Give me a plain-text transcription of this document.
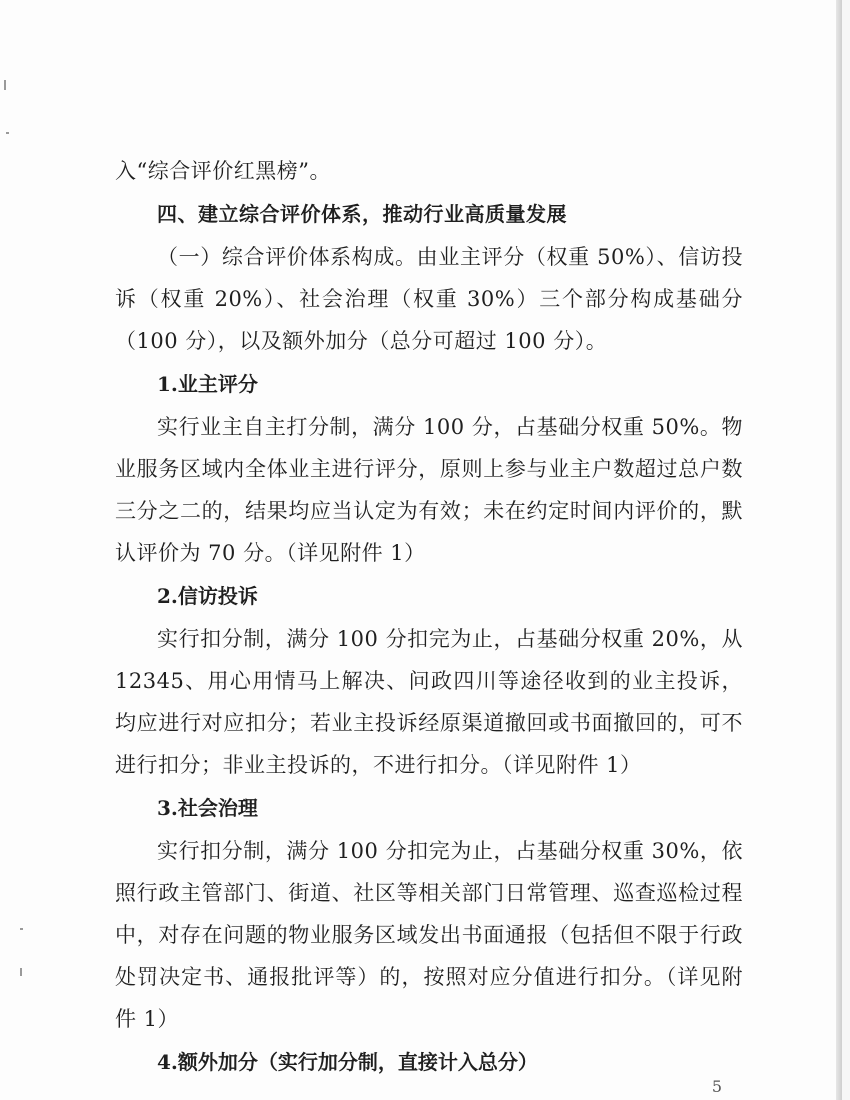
入“综合评价红黑榜”。

四、建立综合评价体系，推动行业高质量发展

（一）综合评价体系构成。由业主评分（权重 50%）、信访投诉（权重 20%）、社会治理（权重 30%）三个部分构成基础分（100 分），以及额外加分（总分可超过 100 分）。

1.业主评分

实行业主自主打分制，满分 100 分，占基础分权重 50%。物业服务区域内全体业主进行评分，原则上参与业主户数超过总户数三分之二的，结果均应当认定为有效；未在约定时间内评价的，默认评价为 70 分。（详见附件 1）

2.信访投诉

实行扣分制，满分 100 分扣完为止，占基础分权重 20%，从 12345、用心用情马上解决、问政四川等途径收到的业主投诉，均应进行对应扣分；若业主投诉经原渠道撤回或书面撤回的，可不进行扣分；非业主投诉的，不进行扣分。（详见附件 1）

3.社会治理

实行扣分制，满分 100 分扣完为止，占基础分权重 30%，依照行政主管部门、街道、社区等相关部门日常管理、巡查巡检过程中，对存在问题的物业服务区域发出书面通报（包括但不限于行政处罚决定书、通报批评等）的，按照对应分值进行扣分。（详见附件 1）

4.额外加分（实行加分制，直接计入总分）

5
